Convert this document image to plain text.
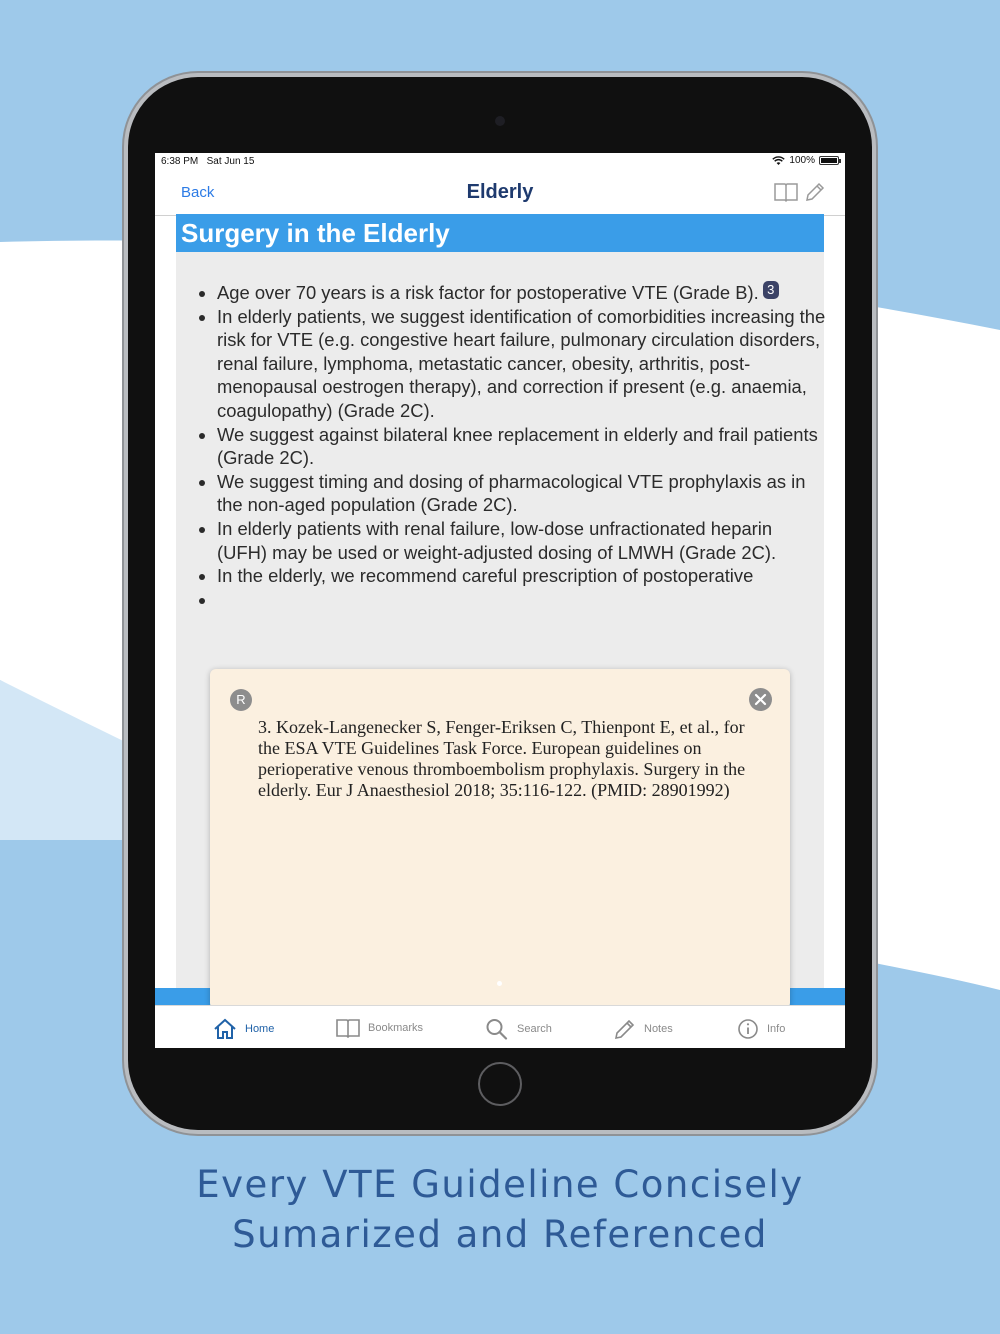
6:38 PM Sat Jun 15	100%
Back	Elderly
Surgery in the Elderly
• Age over 70 years is a risk factor for postoperative VTE (Grade B). 3
• In elderly patients, we suggest identification of comorbidities increasing the risk for VTE (e.g. congestive heart failure, pulmonary circulation disorders, renal failure, lymphoma, metastatic cancer, obesity, arthritis, post-menopausal oestrogen therapy), and correction if present (e.g. anaemia, coagulopathy) (Grade 2C).
• We suggest against bilateral knee replacement in elderly and frail patients (Grade 2C).
• We suggest timing and dosing of pharmacological VTE prophylaxis as in the non-aged population (Grade 2C).
• In elderly patients with renal failure, low-dose unfractionated heparin (UFH) may be used or weight-adjusted dosing of LMWH (Grade 2C).
• In the elderly, we recommend careful prescription of postoperative
•
R
3. Kozek-Langenecker S, Fenger-Eriksen C, Thienpont E, et al., for the ESA VTE Guidelines Task Force. European guidelines on perioperative venous thromboembolism prophylaxis. Surgery in the elderly. Eur J Anaesthesiol 2018; 35:116-122. (PMID: 28901992)
Home	Bookmarks	Search	Notes	Info
Every VTE Guideline Concisely
Sumarized and Referenced
